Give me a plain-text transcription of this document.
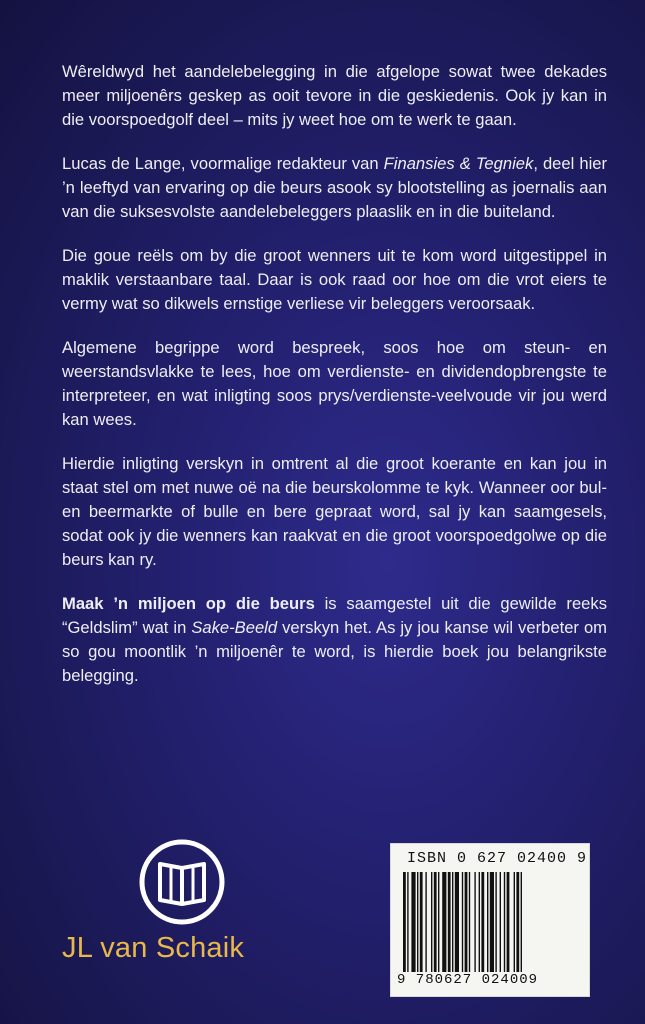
Wêreldwyd het aandelebelegging in die afgelope sowat twee dekades meer miljoenêrs geskep as ooit tevore in die geskiedenis. Ook jy kan in die voorspoedgolf deel – mits jy weet hoe om te werk te gaan.

Lucas de Lange, voormalige redakteur van Finansies & Tegniek, deel hier ’n leeftyd van ervaring op die beurs asook sy blootstelling as joernalis aan van die suksesvolste aandelebeleggers plaaslik en in die buiteland.

Die goue reëls om by die groot wenners uit te kom word uitgestippel in maklik verstaanbare taal. Daar is ook raad oor hoe om die vrot eiers te vermy wat so dikwels ernstige verliese vir beleggers veroorsaak.

Algemene begrippe word bespreek, soos hoe om steun- en weerstandsvlakke te lees, hoe om verdienste- en dividendopbrengste te interpreteer, en wat inligting soos prys/verdienste-veelvoude vir jou werd kan wees.

Hierdie inligting verskyn in omtrent al die groot koerante en kan jou in staat stel om met nuwe oë na die beurskolomme te kyk. Wanneer oor bul- en beermarkte of bulle en bere gepraat word, sal jy kan saamgesels, sodat ook jy die wenners kan raakvat en die groot voorspoedgolwe op die beurs kan ry.

Maak ’n miljoen op die beurs is saamgestel uit die gewilde reeks “Geldslim” wat in Sake-Beeld verskyn het. As jy jou kanse wil verbeter om so gou moontlik ’n miljoenêr te word, is hierdie boek jou belangrikste belegging.

JL van Schaik
ISBN 0 627 02400 9
9 780627 024009
